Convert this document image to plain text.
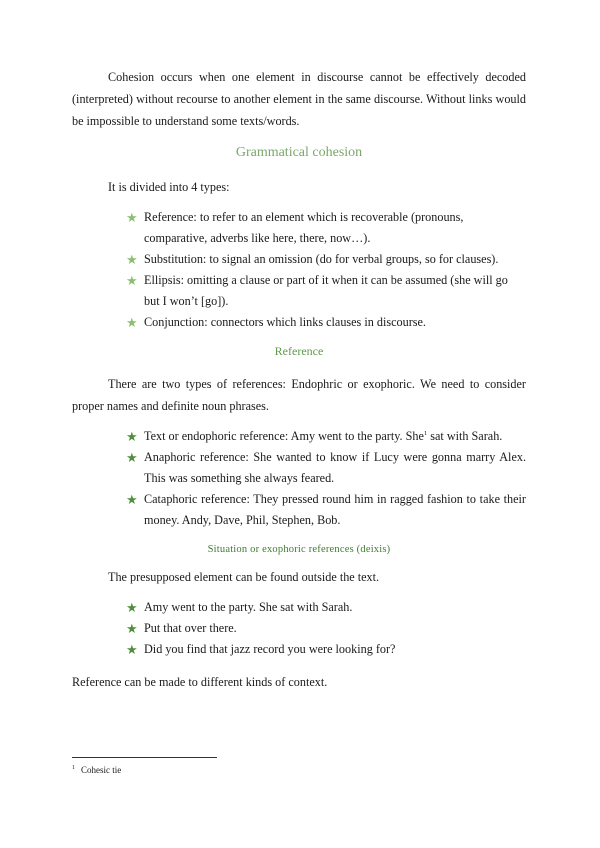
Cohesion occurs when one element in discourse cannot be effectively decoded (interpreted) without recourse to another element in the same discourse. Without links would be impossible to understand some texts/words.

Grammatical cohesion

It is divided into 4 types:

★ Reference: to refer to an element which is recoverable (pronouns, comparative, adverbs like here, there, now…).
★ Substitution: to signal an omission (do for verbal groups, so for clauses).
★ Ellipsis: omitting a clause or part of it when it can be assumed (she will go but I won’t [go]).
★ Conjunction: connectors which links clauses in discourse.

Reference

There are two types of references: Endophric or exophoric. We need to consider proper names and definite noun phrases.

★ Text or endophoric reference: Amy went to the party. She$^1$ sat with Sarah.
★ Anaphoric reference: She wanted to know if Lucy were gonna marry Alex. This was something she always feared.
★ Cataphoric reference: They pressed round him in ragged fashion to take their money. Andy, Dave, Phil, Stephen, Bob.

Situation or exophoric references (deixis)

The presupposed element can be found outside the text.

★ Amy went to the party. She sat with Sarah.
★ Put that over there.
★ Did you find that jazz record you were looking for?

Reference can be made to different kinds of context.

$^1$ Cohesic tie
